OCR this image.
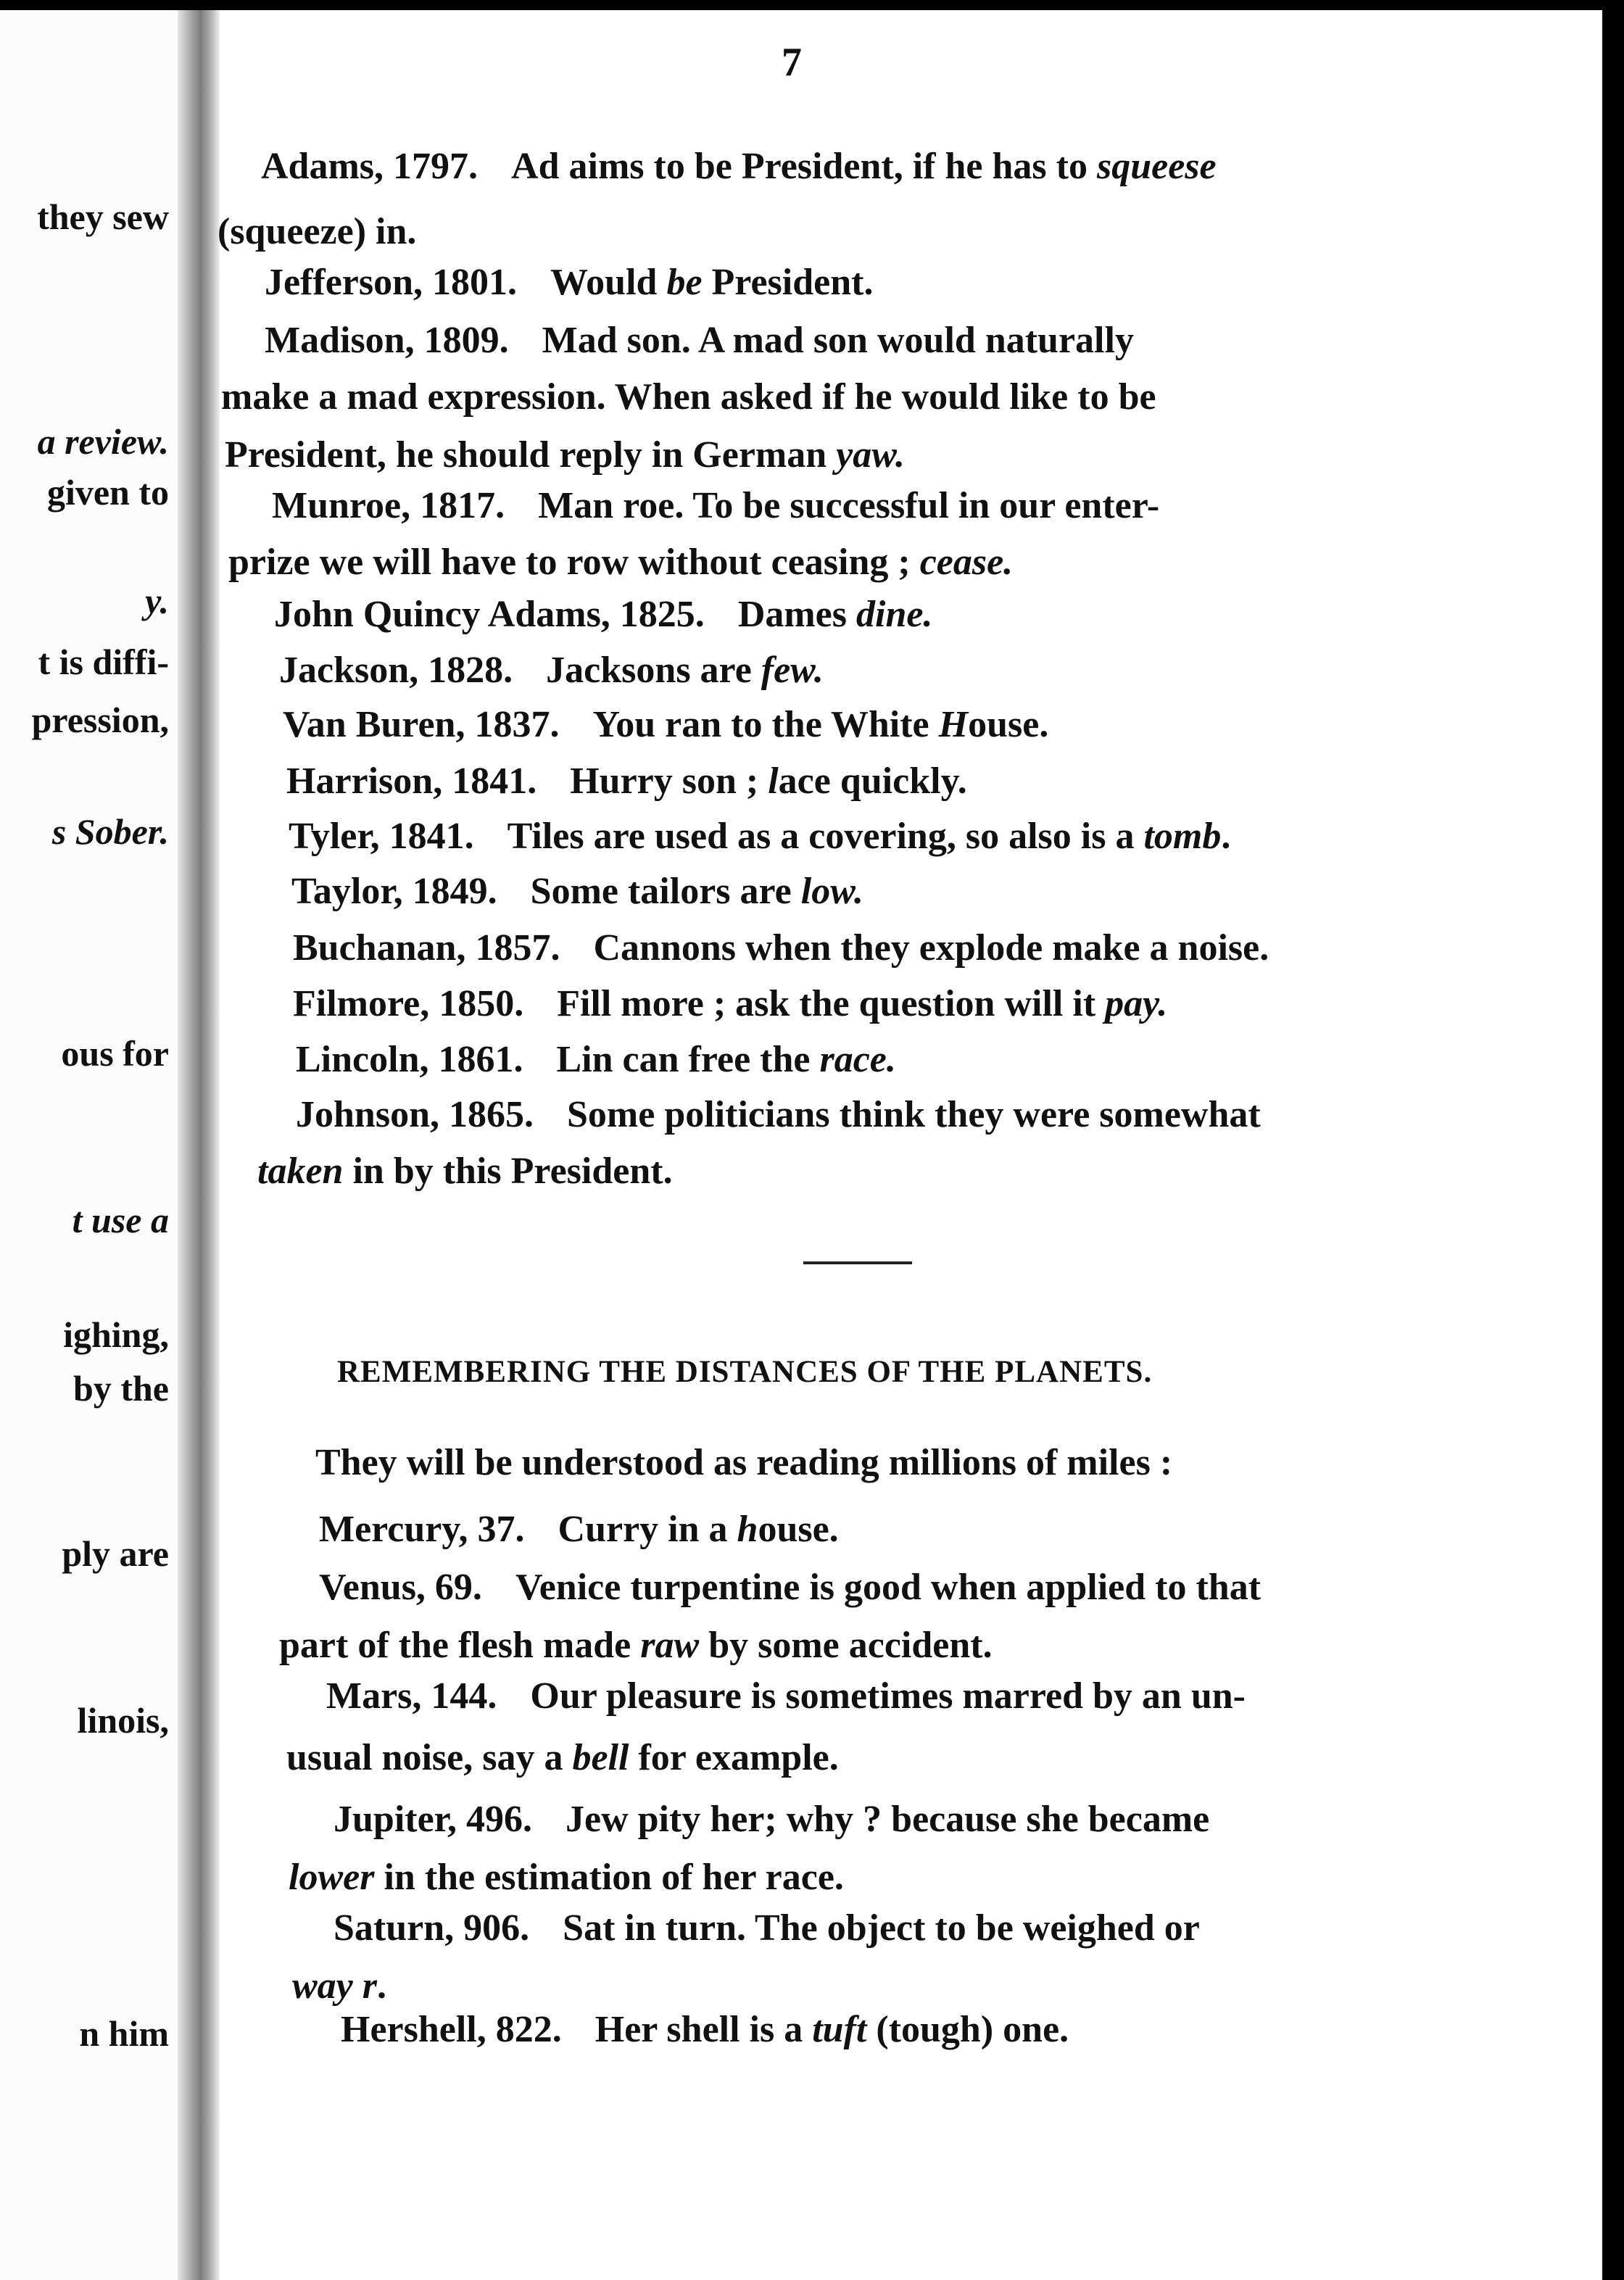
they sew
a review.
given to
y.
t is diffi-
pression,
s Sober.
ous for
t use a
ighing,
by the
ply are
linois,
n him
7
Adams, 1797. Ad aims to be President, if he has to squeese
(squeeze) in.
Jefferson, 1801. Would be President.
Madison, 1809. Mad son. A mad son would naturally
make a mad expression. When asked if he would like to be
President, he should reply in German yaw.
Munroe, 1817. Man roe. To be successful in our enter-
prize we will have to row without ceasing ; cease.
John Quincy Adams, 1825. Dames dine.
Jackson, 1828. Jacksons are few.
Van Buren, 1837. You ran to the White House.
Harrison, 1841. Hurry son ; lace quickly.
Tyler, 1841. Tiles are used as a covering, so also is a tomb.
Taylor, 1849. Some tailors are low.
Buchanan, 1857. Cannons when they explode make a noise.
Filmore, 1850. Fill more ; ask the question will it pay.
Lincoln, 1861. Lin can free the race.
Johnson, 1865. Some politicians think they were somewhat
taken in by this President.
REMEMBERING THE DISTANCES OF THE PLANETS.
They will be understood as reading millions of miles :
Mercury, 37. Curry in a house.
Venus, 69. Venice turpentine is good when applied to that
part of the flesh made raw by some accident.
Mars, 144. Our pleasure is sometimes marred by an un-
usual noise, say a bell for example.
Jupiter, 496. Jew pity her; why ? because she became
lower in the estimation of her race.
Saturn, 906. Sat in turn. The object to be weighed or
way r.
Hershell, 822. Her shell is a tuft (tough) one.
